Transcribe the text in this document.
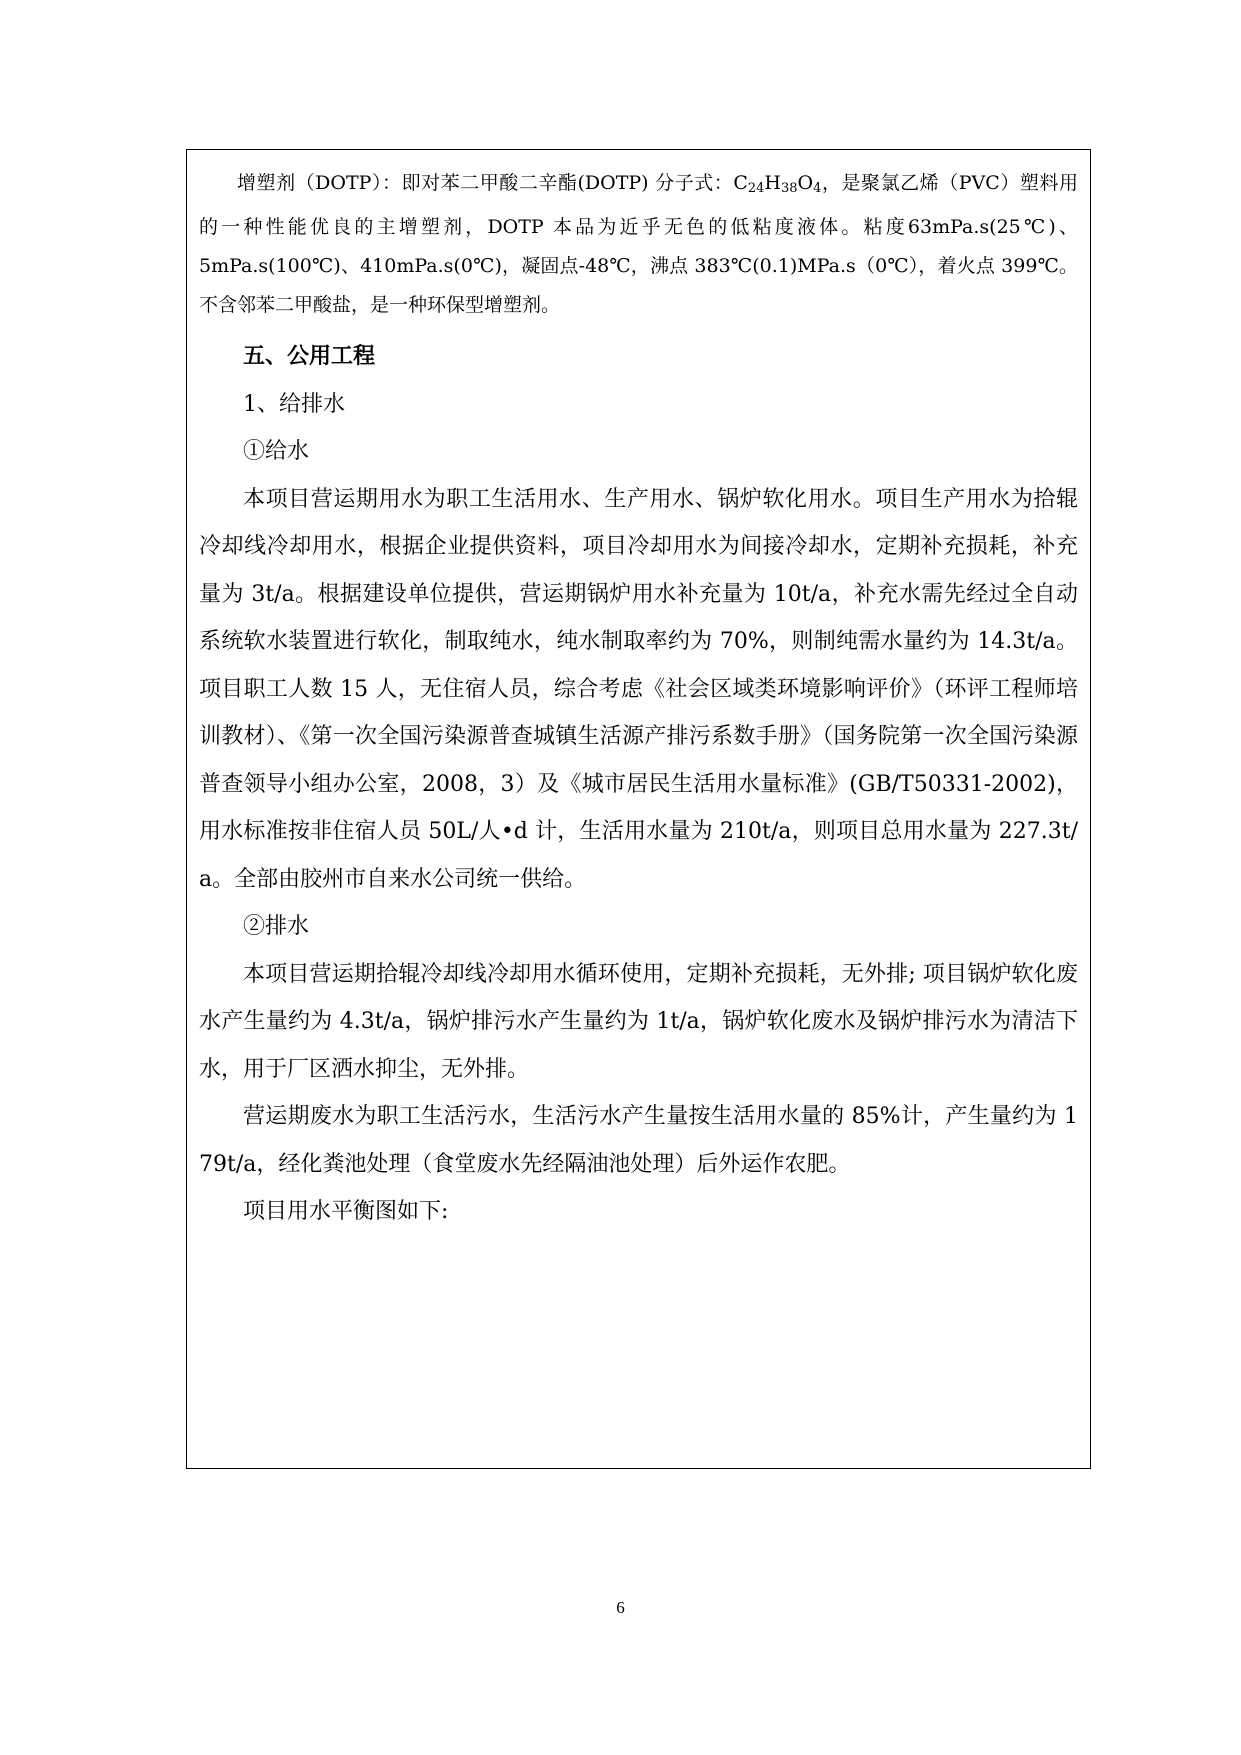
增塑剂（DOTP）：即对苯二甲酸二辛酯(DOTP) 分子式：$C_{24}H_{38}O_4$，是聚氯乙烯（PVC）塑料用的一种性能优良的主增塑剂，DOTP 本品为近乎无色的低粘度液体。粘度63mPa.s(25℃)、5mPa.s(100℃)、410mPa.s(0℃)，凝固点-48℃，沸点 383℃(0.1)MPa.s（0℃），着火点 399℃。不含邻苯二甲酸盐，是一种环保型增塑剂。

五、公用工程

1、给排水

①给水

本项目营运期用水为职工生活用水、生产用水、锅炉软化用水。项目生产用水为拾辊冷却线冷却用水，根据企业提供资料，项目冷却用水为间接冷却水，定期补充损耗，补充量为 3t/a。根据建设单位提供，营运期锅炉用水补充量为 10t/a，补充水需先经过全自动系统软水装置进行软化，制取纯水，纯水制取率约为 70%，则制纯需水量约为 14.3t/a。项目职工人数 15 人，无住宿人员，综合考虑《社会区域类环境影响评价》（环评工程师培训教材）、《第一次全国污染源普查城镇生活源产排污系数手册》（国务院第一次全国污染源普查领导小组办公室，2008，3）及《城市居民生活用水量标准》(GB/T50331-2002)，用水标准按非住宿人员 50L/人•d 计，生活用水量为 210t/a，则项目总用水量为 227.3t/a。全部由胶州市自来水公司统一供给。

②排水

本项目营运期拾辊冷却线冷却用水循环使用，定期补充损耗，无外排; 项目锅炉软化废水产生量约为 4.3t/a，锅炉排污水产生量约为 1t/a，锅炉软化废水及锅炉排污水为清洁下水，用于厂区洒水抑尘，无外排。

营运期废水为职工生活污水，生活污水产生量按生活用水量的 85%计，产生量约为 179t/a，经化粪池处理（食堂废水先经隔油池处理）后外运作农肥。

项目用水平衡图如下:

6
